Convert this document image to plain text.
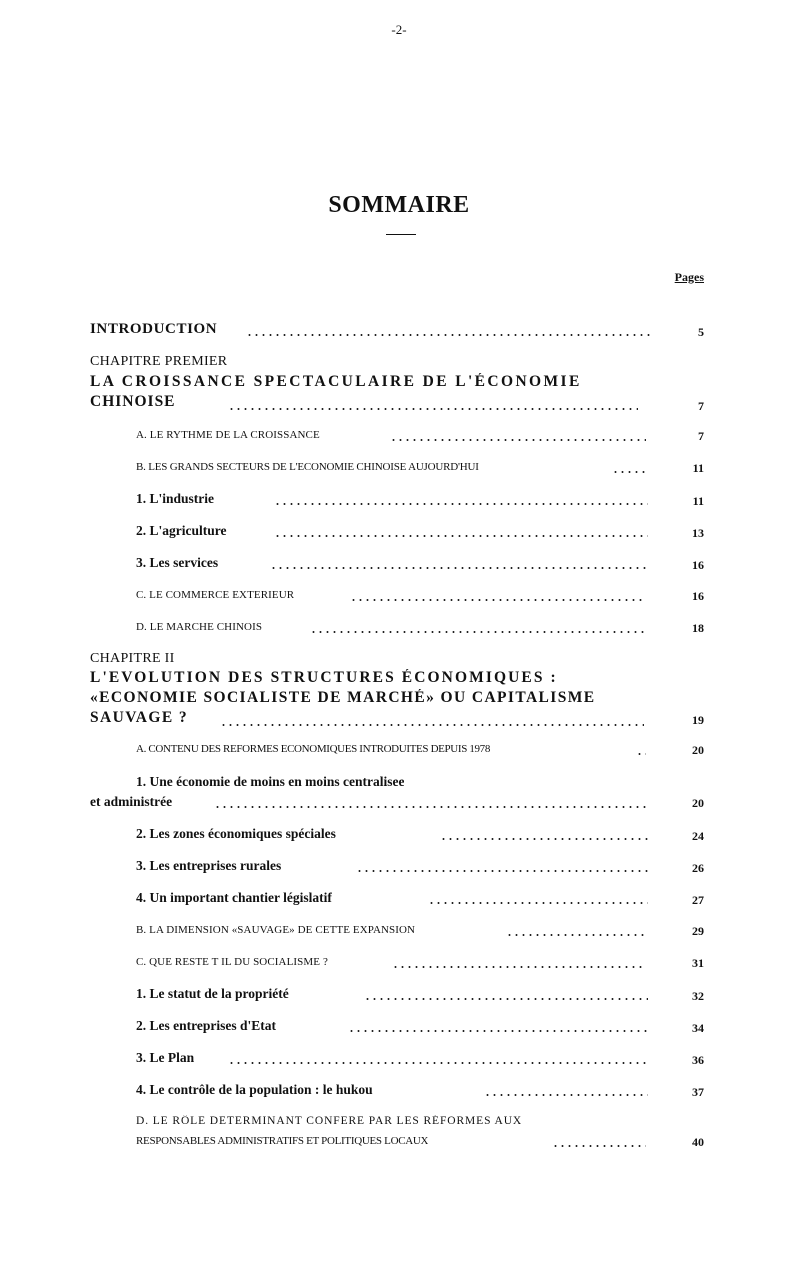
-2-
SOMMAIRE
Pages
INTRODUCTION	5
CHAPITRE PREMIER
LA CROISSANCE SPECTACULAIRE DE L'ÉCONOMIE
CHINOISE	7
A. LE RYTHME DE LA CROISSANCE	7
B. LES GRANDS SECTEURS DE L'ECONOMIE CHINOISE AUJOURD'HUI	11
1. L'industrie	11
2. L'agriculture	13
3. Les services	16
C. LE COMMERCE EXTERIEUR	16
D. LE MARCHE CHINOIS	18
CHAPITRE II
L'EVOLUTION DES STRUCTURES ÉCONOMIQUES :
«ECONOMIE SOCIALISTE DE MARCHÉ» OU CAPITALISME
SAUVAGE ?	19
A. CONTENU DES REFORMES ECONOMIQUES INTRODUITES DEPUIS 1978	20
1. Une économie de moins en moins centralisee
et administrée	20
2. Les zones économiques spéciales	24
3. Les entreprises rurales	26
4. Un important chantier législatif	27
B. LA DIMENSION «SAUVAGE» DE CETTE EXPANSION	29
C. QUE RESTE T IL DU SOCIALISME ?	31
1. Le statut de la propriété	32
2. Les entreprises d'Etat	34
3. Le Plan	36
4. Le contrôle de la population : le hukou	37
D. LE RÔLE DETERMINANT CONFERE PAR LES RÉFORMES AUX
RESPONSABLES ADMINISTRATIFS ET POLITIQUES LOCAUX	40
